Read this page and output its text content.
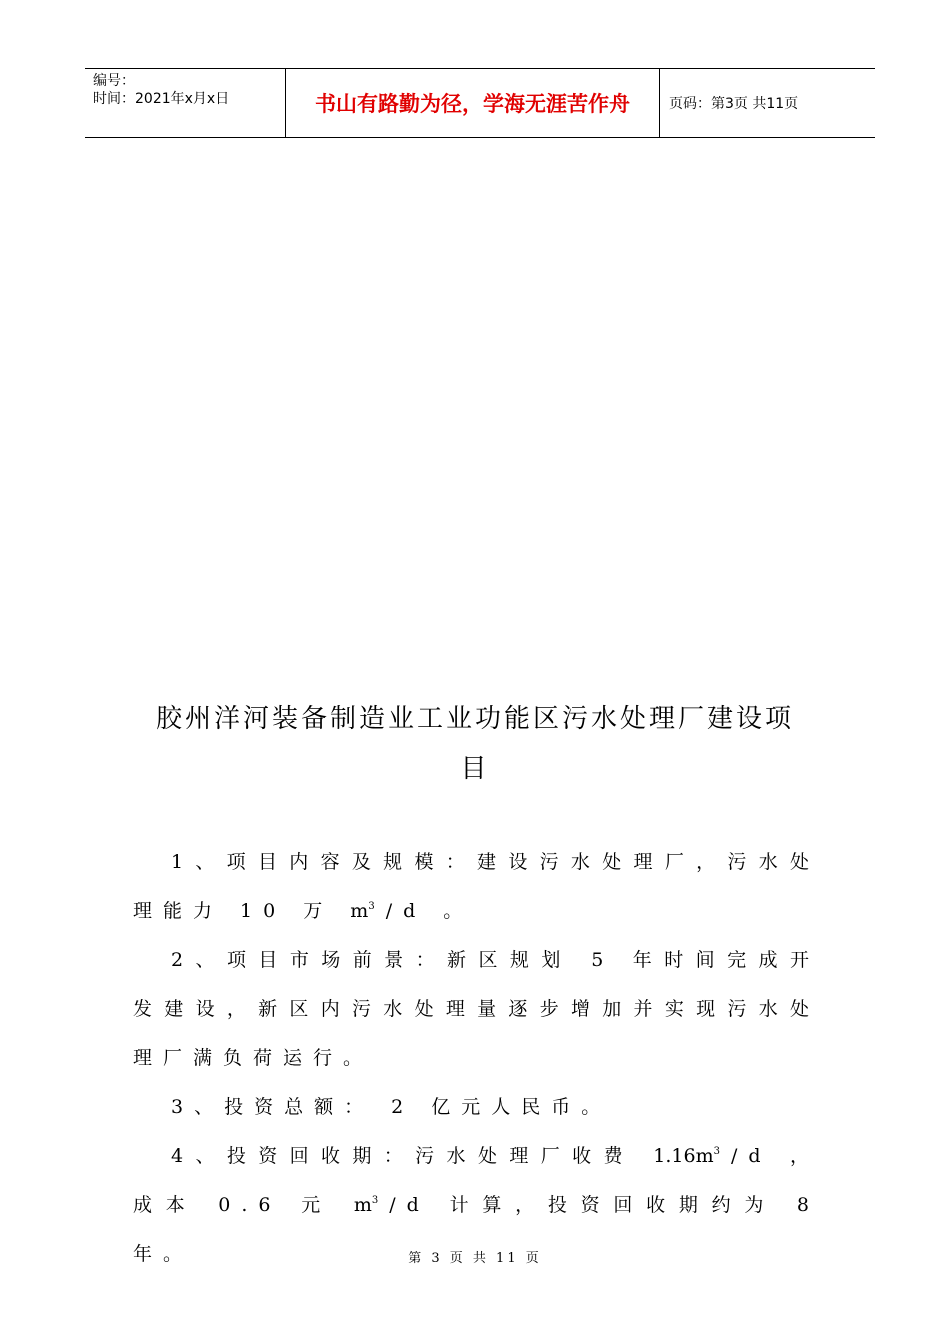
编号：
时间：2021年x月x日	书山有路勤为径，学海无涯苦作舟	页码：第3页 共11页
胶州洋河装备制造业工业功能区污水处理厂建设项
目

1、项目内容及规模：建设污水处理厂，污水处理能力 10 万 $m^3/d$ 。

2、项目市场前景：新区规划 5 年时间完成开发建设，新区内污水处理量逐步增加并实现污水处理厂满负荷运行。

3、投资总额： 2 亿元人民币。

4、投资回收期：污水处理厂收费 $1.16m^3/d$ ，成本 0.6 元 $m^3/d$ 计算，投资回收期约为 8 年。	第 3 页 共 11 页
